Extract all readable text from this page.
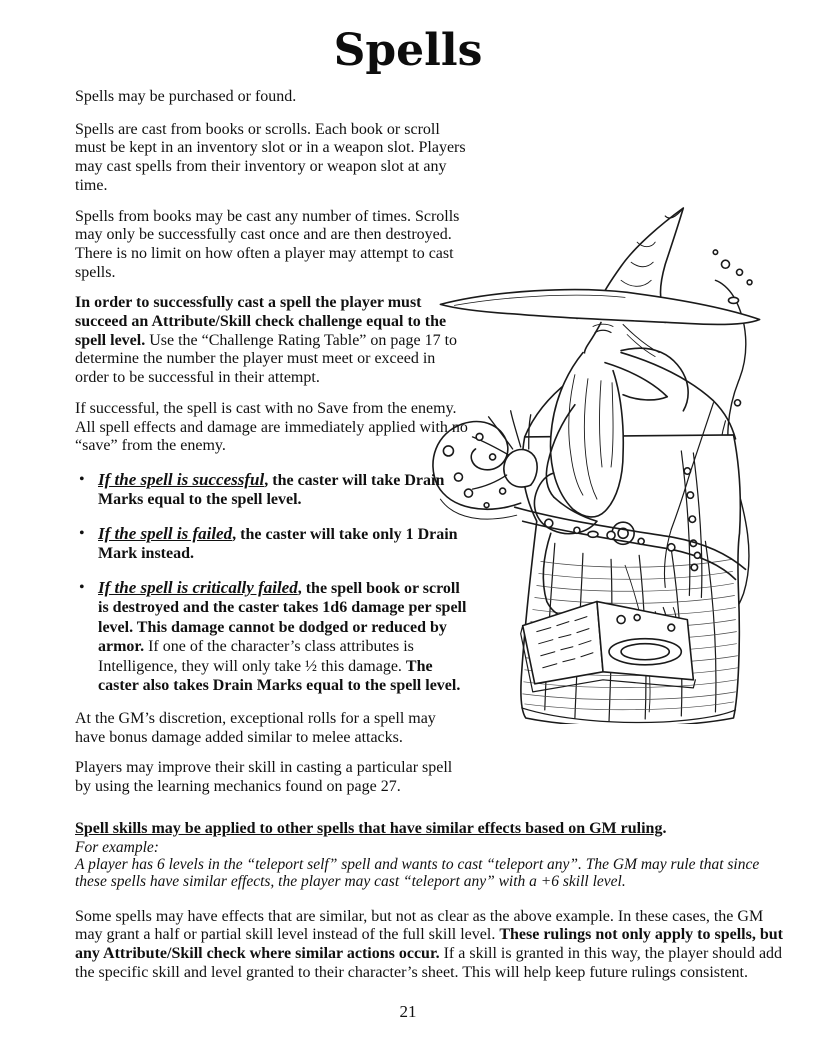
Spells

Spells may be purchased or found.

Spells are cast from books or scrolls. Each book or scroll must be kept in an inventory slot or in a weapon slot. Players may cast spells from their inventory or weapon slot at any time.

Spells from books may be cast any number of times. Scrolls may only be successfully cast once and are then destroyed. There is no limit on how often a player may attempt to cast spells.

In order to successfully cast a spell the player must succeed an Attribute/Skill check challenge equal to the spell level. Use the “Challenge Rating Table” on page 17 to determine the number the player must meet or exceed in order to be successful in their attempt.

If successful, the spell is cast with no Save from the enemy. All spell effects and damage are immediately applied with no “save” from the enemy.

• If the spell is successful, the caster will take Drain Marks equal to the spell level.
• If the spell is failed, the caster will take only 1 Drain Mark instead.
• If the spell is critically failed, the spell book or scroll is destroyed and the caster takes 1d6 damage per spell level. This damage cannot be dodged or reduced by armor. If one of the character’s class attributes is Intelligence, they will only take ½ this damage. The caster also takes Drain Marks equal to the spell level.

At the GM’s discretion, exceptional rolls for a spell may have bonus damage added similar to melee attacks.

Players may improve their skill in casting a particular spell by using the learning mechanics found on page 27.

Spell skills may be applied to other spells that have similar effects based on GM ruling.

For example:

A player has 6 levels in the “teleport self” spell and wants to cast “teleport any”. The GM may rule that since these spells have similar effects, the player may cast “teleport any” with a +6 skill level.

Some spells may have effects that are similar, but not as clear as the above example. In these cases, the GM may grant a half or partial skill level instead of the full skill level. These rulings not only apply to spells, but any Attribute/Skill check where similar actions occur. If a skill is granted in this way, the player should add the specific skill and level granted to their character’s sheet. This will help keep future rulings consistent.

21
